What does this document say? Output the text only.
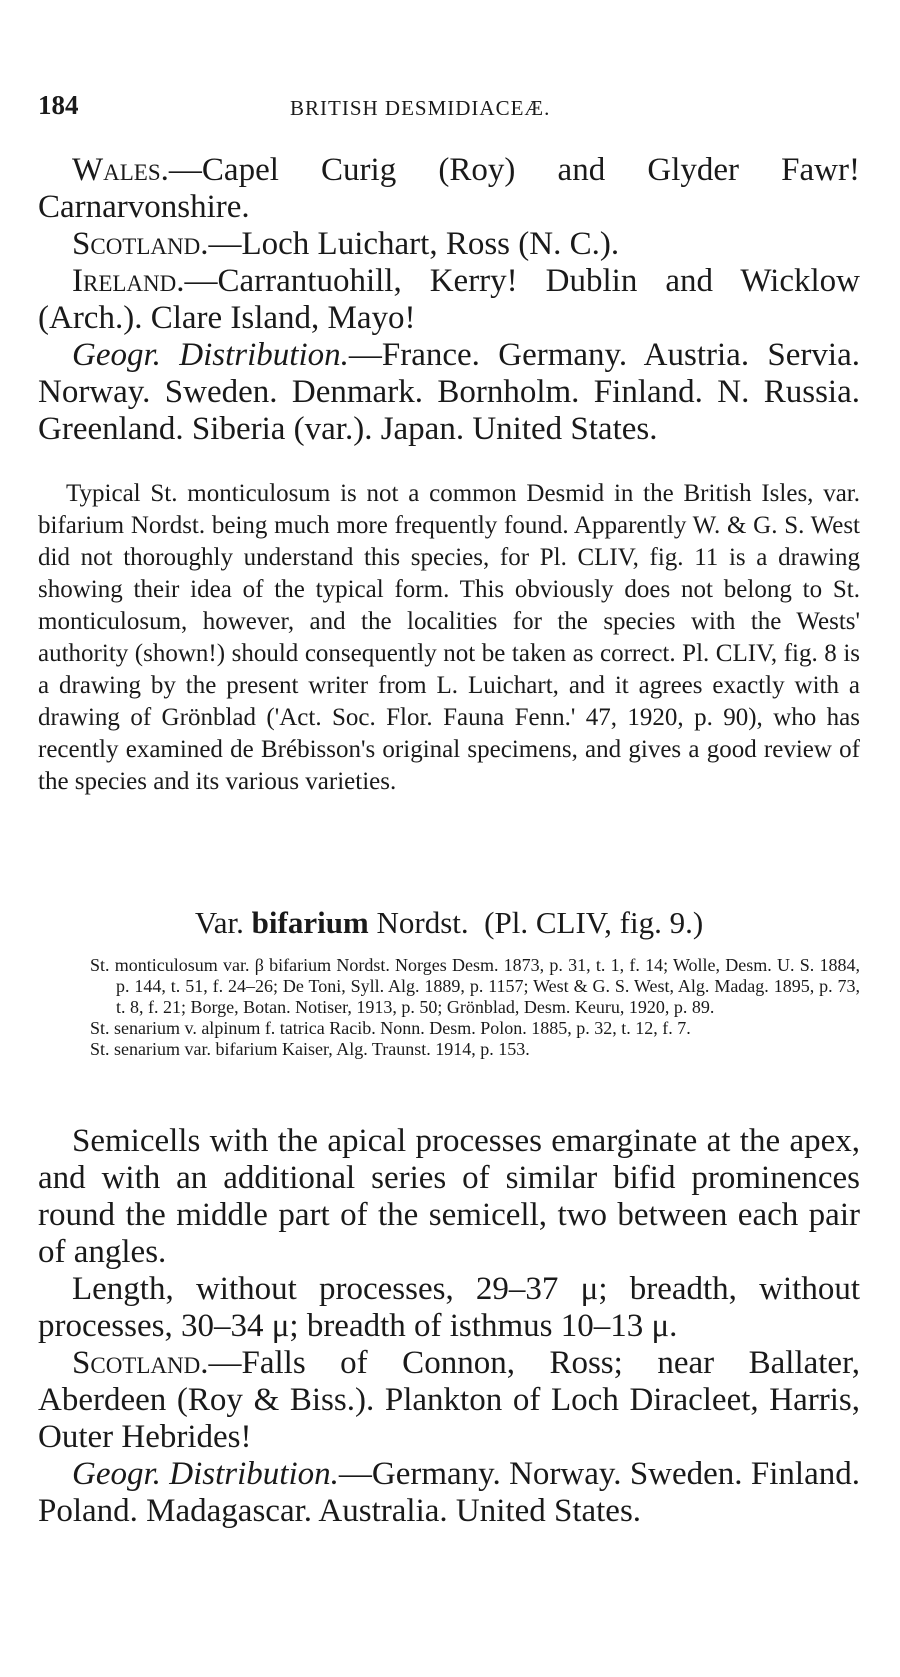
184	BRITISH DESMIDIACEÆ.

Wales.—Capel Curig (Roy) and Glyder Fawr! Carnarvonshire.

Scotland.—Loch Luichart, Ross (N. C.).

Ireland.—Carrantuohill, Kerry! Dublin and Wicklow (Arch.). Clare Island, Mayo!

Geogr. Distribution.—France. Germany. Austria. Servia. Norway. Sweden. Denmark. Bornholm. Finland. N. Russia. Greenland. Siberia (var.). Japan. United States.

Typical St. monticulosum is not a common Desmid in the British Isles, var. bifarium Nordst. being much more frequently found. Apparently W. & G. S. West did not thoroughly understand this species, for Pl. CLIV, fig. 11 is a drawing showing their idea of the typical form. This obviously does not belong to St. monticulosum, however, and the localities for the species with the Wests' authority (shown!) should consequently not be taken as correct. Pl. CLIV, fig. 8 is a drawing by the present writer from L. Luichart, and it agrees exactly with a drawing of Grönblad ('Act. Soc. Flor. Fauna Fenn.' 47, 1920, p. 90), who has recently examined de Brébisson's original specimens, and gives a good review of the species and its various varieties.

Var. bifarium Nordst. (Pl. CLIV, fig. 9.)

St. monticulosum var. β bifarium Nordst. Norges Desm. 1873, p. 31, t. 1, f. 14; Wolle, Desm. U. S. 1884, p. 144, t. 51, f. 24–26; De Toni, Syll. Alg. 1889, p. 1157; West & G. S. West, Alg. Madag. 1895, p. 73, t. 8, f. 21; Borge, Botan. Notiser, 1913, p. 50; Grönblad, Desm. Keuru, 1920, p. 89.

St. senarium v. alpinum f. tatrica Racib. Nonn. Desm. Polon. 1885, p. 32, t. 12, f. 7.

St. senarium var. bifarium Kaiser, Alg. Traunst. 1914, p. 153.

Semicells with the apical processes emarginate at the apex, and with an additional series of similar bifid prominences round the middle part of the semicell, two between each pair of angles.

Length, without processes, 29–37 μ; breadth, without processes, 30–34 μ; breadth of isthmus 10–13 μ.

Scotland.—Falls of Connon, Ross; near Ballater, Aberdeen (Roy & Biss.). Plankton of Loch Diracleet, Harris, Outer Hebrides!

Geogr. Distribution.—Germany. Norway. Sweden. Finland. Poland. Madagascar. Australia. United States.
